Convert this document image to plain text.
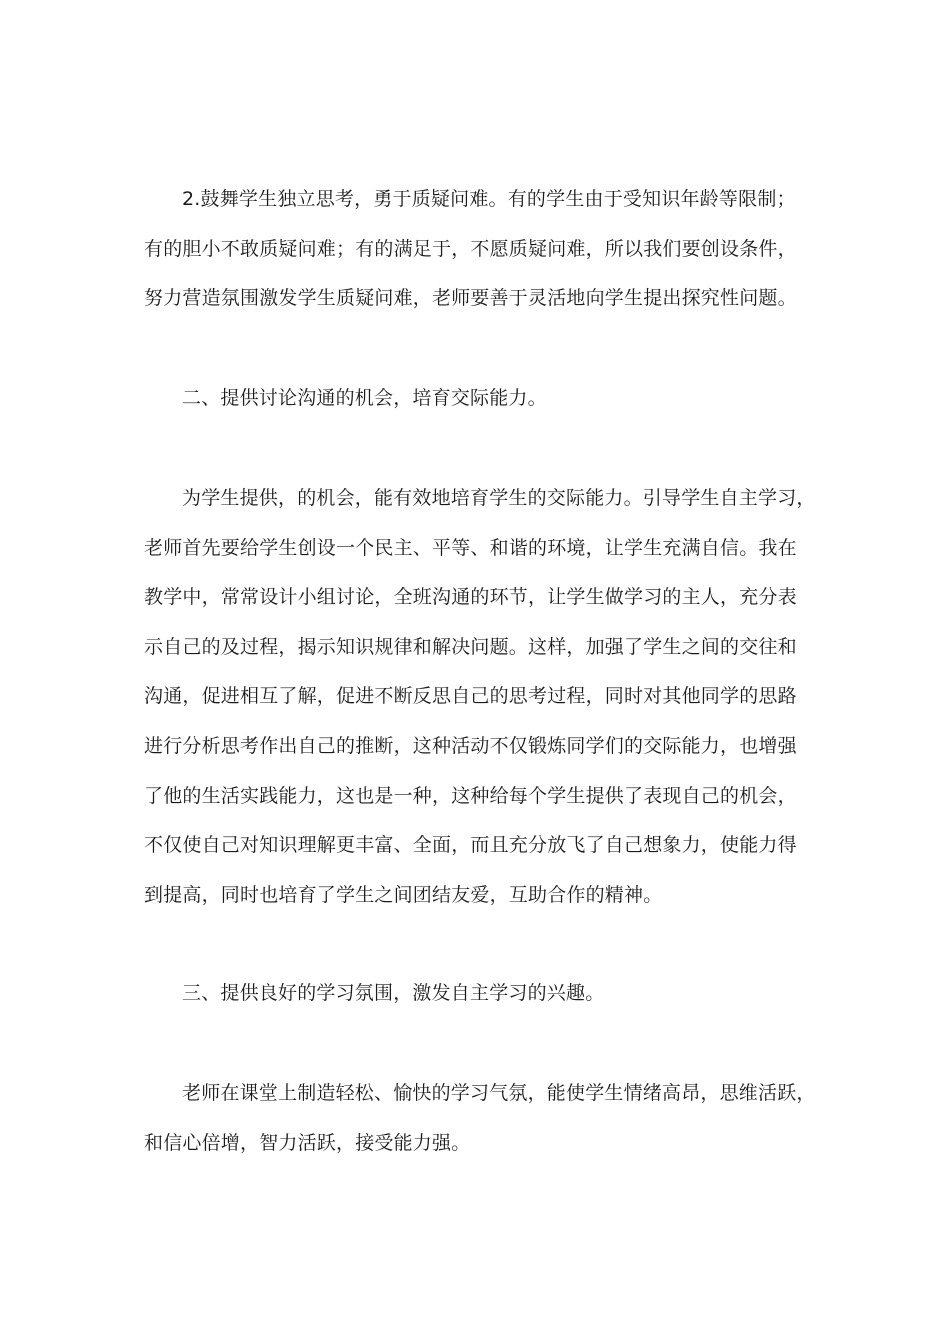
2.鼓舞学生独立思考，勇于质疑问难。有的学生由于受知识年龄等限制；
有的胆小不敢质疑问难；有的满足于，不愿质疑问难，所以我们要创设条件，
努力营造氛围激发学生质疑问难，老师要善于灵活地向学生提出探究性问题。
二、提供讨论沟通的机会，培育交际能力。
为学生提供，的机会，能有效地培育学生的交际能力。引导学生自主学习，
老师首先要给学生创设一个民主、平等、和谐的环境，让学生充满自信。我在
教学中，常常设计小组讨论，全班沟通的环节，让学生做学习的主人，充分表
示自己的及过程，揭示知识规律和解决问题。这样，加强了学生之间的交往和
沟通，促进相互了解，促进不断反思自己的思考过程，同时对其他同学的思路
进行分析思考作出自己的推断，这种活动不仅锻炼同学们的交际能力，也增强
了他的生活实践能力，这也是一种，这种给每个学生提供了表现自己的机会，
不仅使自己对知识理解更丰富、全面，而且充分放飞了自己想象力，使能力得
到提高，同时也培育了学生之间团结友爱，互助合作的精神。
三、提供良好的学习氛围，激发自主学习的兴趣。
老师在课堂上制造轻松、愉快的学习气氛，能使学生情绪高昂，思维活跃，
和信心倍增，智力活跃，接受能力强。
